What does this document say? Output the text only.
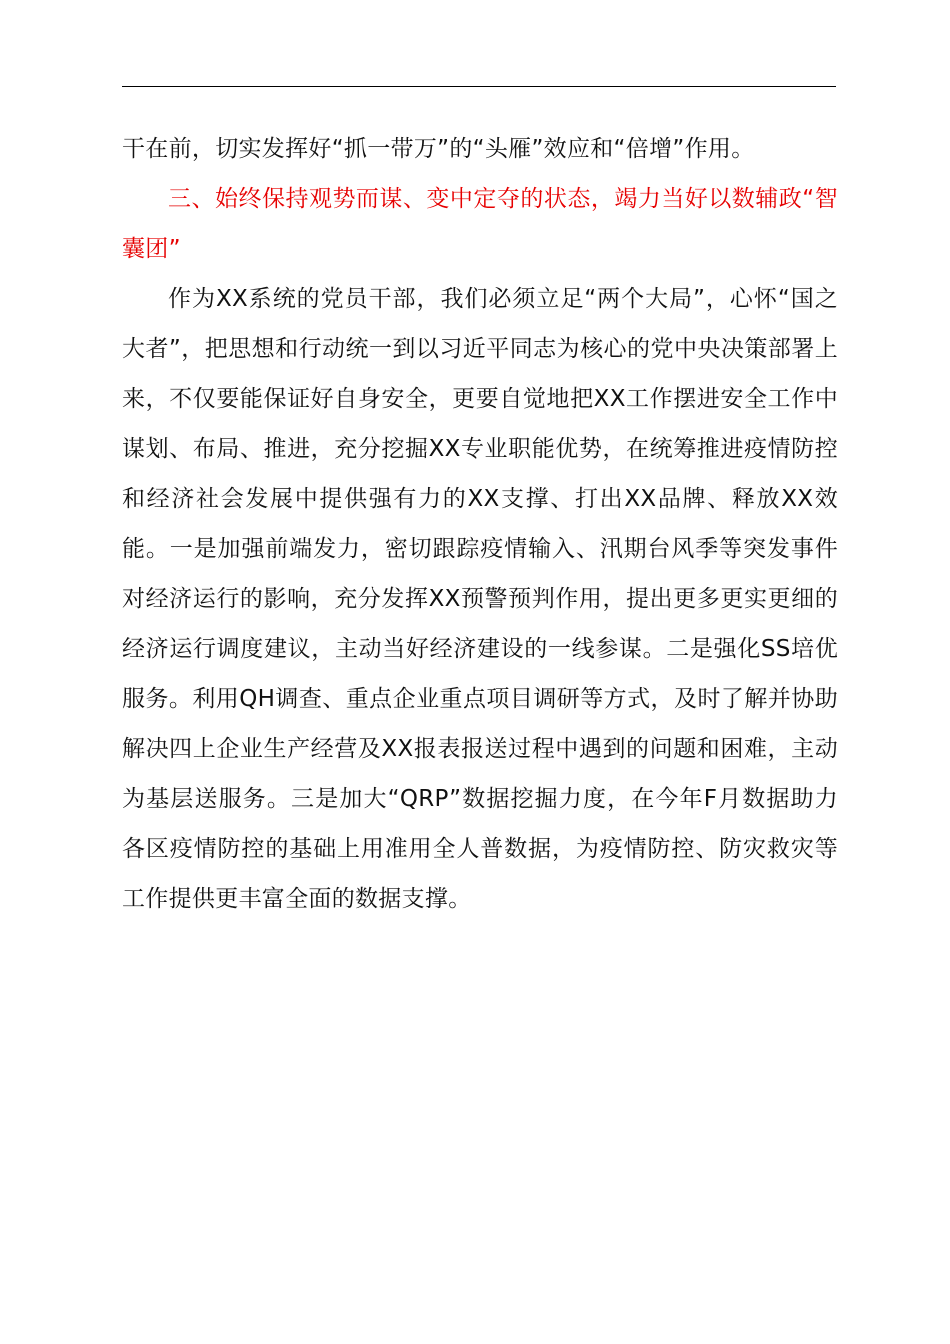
干在前，切实发挥好“抓一带万”的“头雁”效应和“倍增”作用。

三、始终保持观势而谋、变中定夺的状态，竭力当好以数辅政“智囊团”

作为XX系统的党员干部，我们必须立足“两个大局”，心怀“国之大者”，把思想和行动统一到以习近平同志为核心的党中央决策部署上来，不仅要能保证好自身安全，更要自觉地把XX工作摆进安全工作中谋划、布局、推进，充分挖掘XX专业职能优势，在统筹推进疫情防控和经济社会发展中提供强有力的XX支撑、打出XX品牌、释放XX效能。一是加强前端发力，密切跟踪疫情输入、汛期台风季等突发事件对经济运行的影响，充分发挥XX预警预判作用，提出更多更实更细的经济运行调度建议，主动当好经济建设的一线参谋。二是强化SS培优服务。利用QH调查、重点企业重点项目调研等方式，及时了解并协助解决四上企业生产经营及XX报表报送过程中遇到的问题和困难，主动为基层送服务。三是加大“QRP”数据挖掘力度，在今年F月数据助力各区疫情防控的基础上用准用全人普数据，为疫情防控、防灾救灾等工作提供更丰富全面的数据支撑。
